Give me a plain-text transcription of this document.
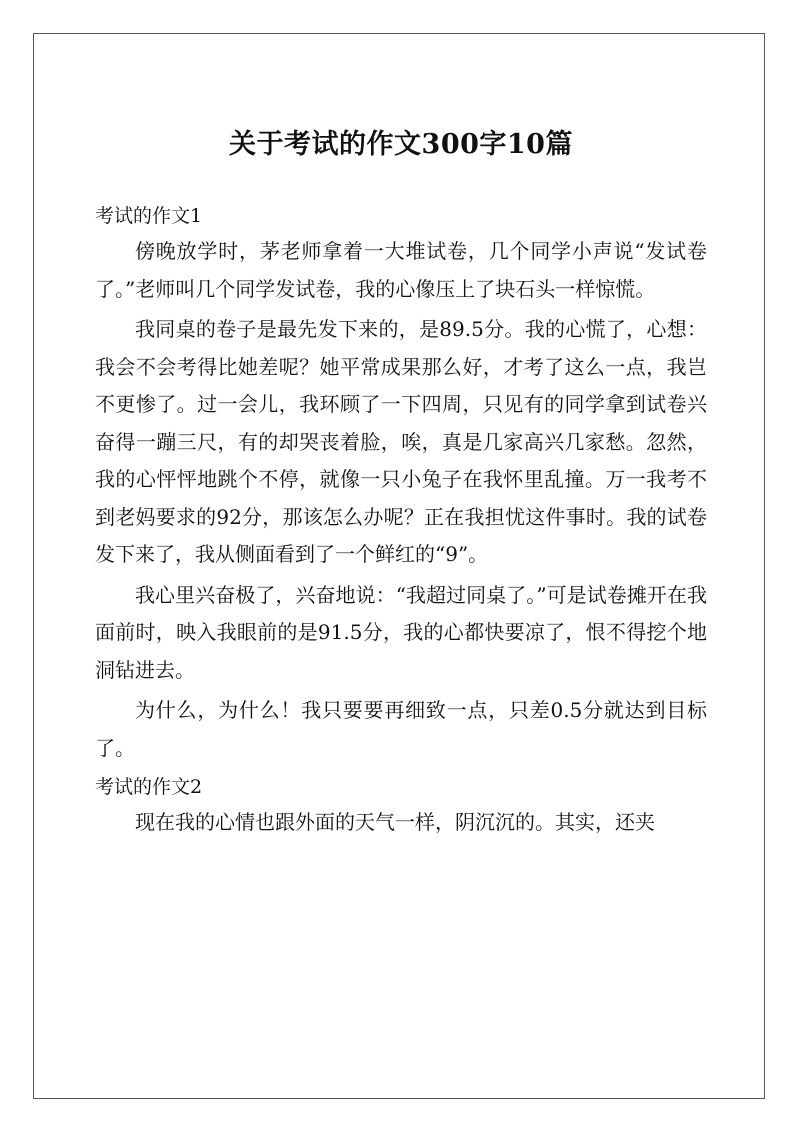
关于考试的作文300字10篇

考试的作文1

傍晚放学时，茅老师拿着一大堆试卷，几个同学小声说“发试卷了。”老师叫几个同学发试卷，我的心像压上了块石头一样惊慌。

我同桌的卷子是最先发下来的，是89.5分。我的心慌了，心想：我会不会考得比她差呢？她平常成果那么好，才考了这么一点，我岂不更惨了。过一会儿，我环顾了一下四周，只见有的同学拿到试卷兴奋得一蹦三尺，有的却哭丧着脸，唉，真是几家高兴几家愁。忽然，我的心怦怦地跳个不停，就像一只小兔子在我怀里乱撞。万一我考不到老妈要求的92分，那该怎么办呢？正在我担忧这件事时。我的试卷发下来了，我从侧面看到了一个鲜红的“9”。

我心里兴奋极了，兴奋地说：“我超过同桌了。”可是试卷摊开在我面前时，映入我眼前的是91.5分，我的心都快要凉了，恨不得挖个地洞钻进去。

为什么，为什么！我只要要再细致一点，只差0.5分就达到目标了。

考试的作文2

现在我的心情也跟外面的天气一样，阴沉沉的。其实，还夹
